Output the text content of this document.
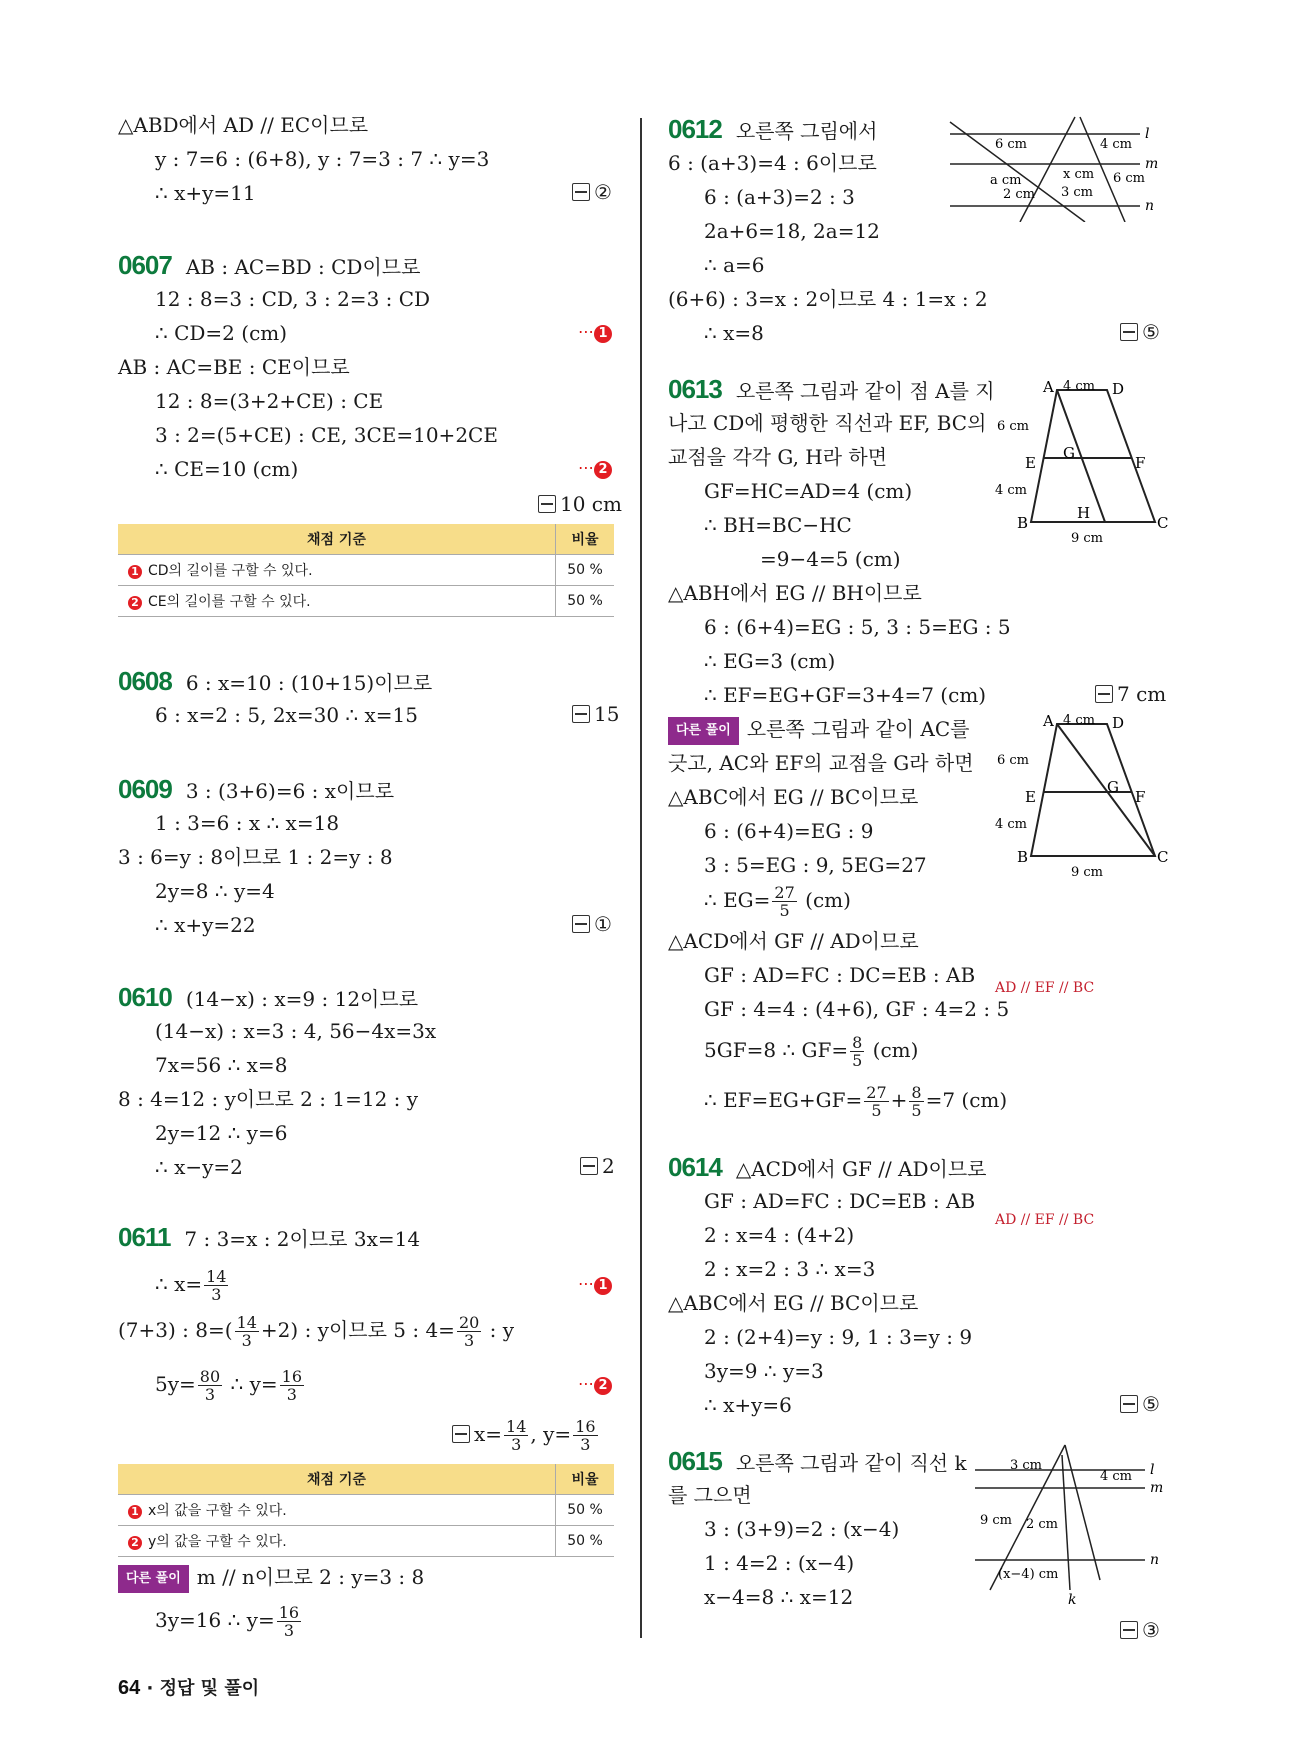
△ABD에서 AD // EC이므로
y : 7=6 : (6+8), y : 7=3 : 7 ∴ y=3
∴ x+y=11	②
0607 AB : AC=BD : CD이므로
12 : 8=3 : CD, 3 : 2=3 : CD
∴ CD=2 (cm)	⋯ 1
AB : AC=BE : CE이므로
12 : 8=(3+2+CE) : CE
3 : 2=(5+CE) : CE, 3CE=10+2CE
∴ CE=10 (cm)	⋯ 2
10 cm
채점 기준	비율

1 CD의 길이를 구할 수 있다.	50 %

2 CE의 길이를 구할 수 있다.	50 %
0608 6 : x=10 : (10+15)이므로
6 : x=2 : 5, 2x=30 ∴ x=15	15
0609 3 : (3+6)=6 : x이므로
1 : 3=6 : x ∴ x=18
3 : 6=y : 8이므로 1 : 2=y : 8
2y=8 ∴ y=4
∴ x+y=22	①
0610 (14−x) : x=9 : 12이므로
(14−x) : x=3 : 4, 56−4x=3x
7x=56 ∴ x=8
8 : 4=12 : y이므로 2 : 1=12 : y
2y=12 ∴ y=6
∴ x−y=2	2
0611 7 : 3=x : 2이므로 3x=14
∴ $x= \frac{14}{3}$	⋯ 1
(7+3) : $8=( \frac{14}{3} +2)$ : y이므로 5 : $4= \frac{20}{3}$ : y
$5y= \frac{80}{3}$ ∴ $y= \frac{16}{3}$	⋯ 2
$x= \frac{14}{3}$ , $y= \frac{16}{3}$
채점 기준	비율

1 x의 값을 구할 수 있다.	50 %

2 y의 값을 구할 수 있다.	50 %
다른 풀이 m // n이므로 2 : y=3 : 8
3y=16 ∴ $y= \frac{16}{3}$
0612 오른쪽 그림에서
6 : (a+3)=4 : 6이므로
6 : (a+3)=2 : 3
2a+6=18, 2a=12
∴ a=6
(6+6) : 3=x : 2이므로 4 : 1=x : 2
∴ x=8	⑤
l
m
n
6 cm	4 cm
x cm 6 cm
a cm
2 cm 3 cm
0613 오른쪽 그림과 같이 점 A를 지
나고 CD에 평행한 직선과 EF, BC의
교점을 각각 G, H라 하면
GF=HC=AD=4 (cm)
∴ BH=BC−HC
=9−4=5 (cm)
△ABH에서 EG // BH이므로
6 : (6+4)=EG : 5, 3 : 5=EG : 5
∴ EG=3 (cm)
∴ EF=EG+GF=3+4=7 (cm)	7 cm
A	D
B	C
E	F
G
H
4 cm
6 cm
4 cm
9 cm
다른 풀이 오른쪽 그림과 같이 AC를
긋고, AC와 EF의 교점을 G라 하면
△ABC에서 EG // BC이므로
6 : (6+4)=EG : 9
3 : 5=EG : 9, 5EG=27
∴ $EG= \frac{27}{5} (cm)$
△ACD에서 GF // AD이므로
GF : AD=FC : DC=EB : AB
AD // EF // BC
GF : 4=4 : (4+6), GF : 4=2 : 5
5GF=8 ∴ $GF= \frac{8}{5} (cm)$
∴ $EF=EG+GF= \frac{27}{5} + \frac{8}{5} =7$ (cm)
A	D
B	C
E	F
G
4 cm
6 cm
4 cm
9 cm
0614 △ACD에서 GF // AD이므로
GF : AD=FC : DC=EB : AB
AD // EF // BC
2 : x=4 : (4+2)
2 : x=2 : 3 ∴ x=3
△ABC에서 EG // BC이므로
2 : (2+4)=y : 9, 1 : 3=y : 9
3y=9 ∴ y=3
∴ x+y=6	⑤
0615 오른쪽 그림과 같이 직선 k
를 그으면
3 : (3+9)=2 : (x−4)
1 : 4=2 : (x−4)
x−4=8 ∴ x=12
③
l
m
n
k
3 cm
4 cm
9 cm 2 cm
(x−4) cm
64 · 정답 및 풀이
